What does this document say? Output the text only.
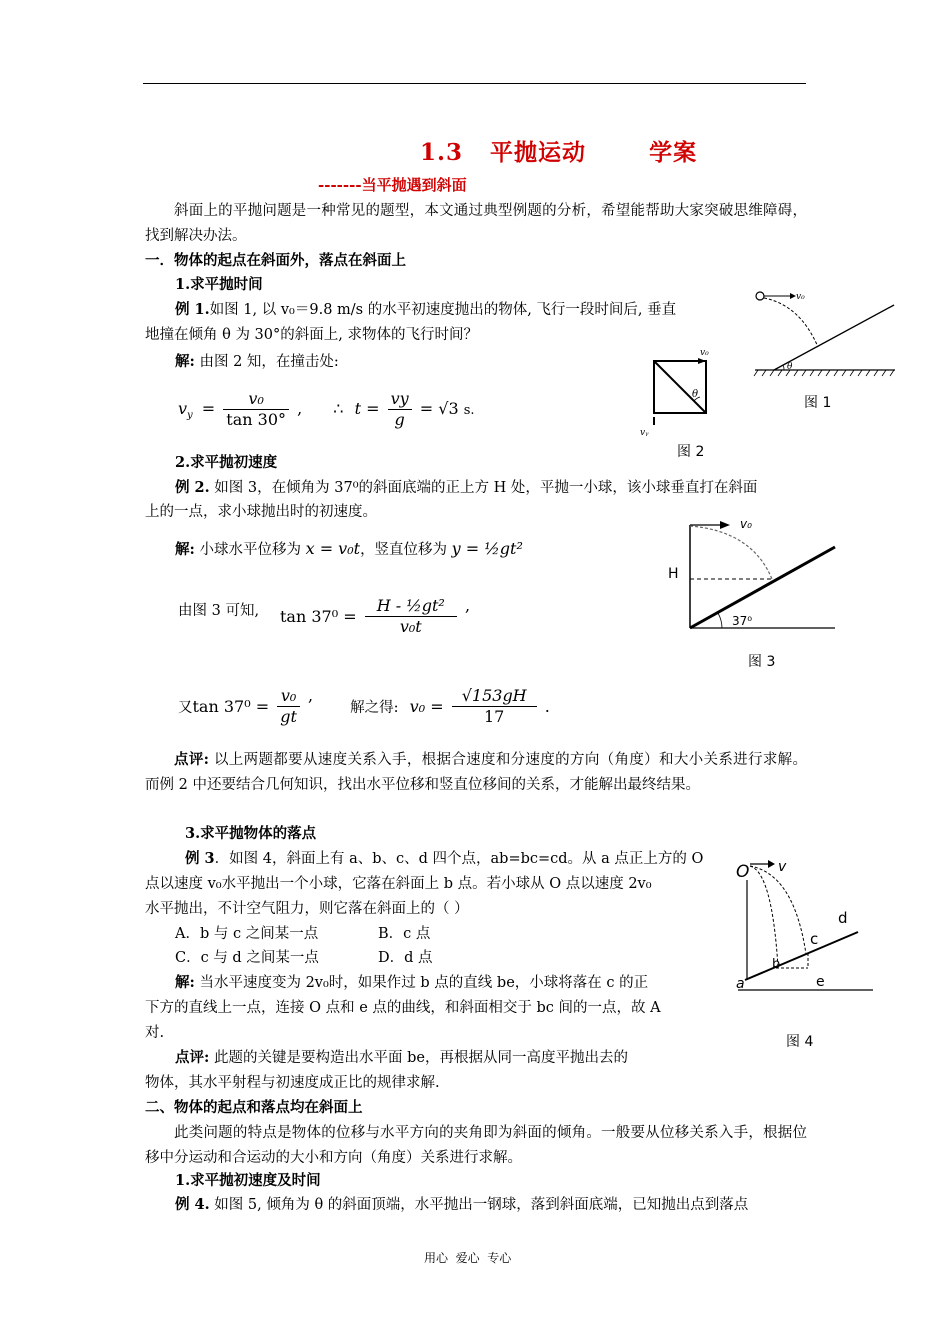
1.3   平抛运动       学案
-------当平抛遇到斜面
斜面上的平抛问题是一种常见的题型，本文通过典型例题的分析，希望能帮助大家突破思维障碍，找到解决办法。
一．物体的起点在斜面外，落点在斜面上
1.求平抛时间
例 1.如图 1, 以 v₀＝9.8 m/s 的水平初速度抛出的物体, 飞行一段时间后, 垂直
地撞在倾角 θ 为 30°的斜面上, 求物体的飞行时间？
解: 由图 2 知，在撞击处:
$v_y = \frac{\text{v₀}}{\tan 30^\circ}$ , ∴ $t = \frac{vy}{g} = √3$ s.
v₀
θ
图 1
θ
v₀
vᵧ
图 2
2.求平抛初速度
例 2. 如图 3，在倾角为 37⁰的斜面底端的正上方 H 处，平抛一小球，该小球垂直打在斜面
上的一点，求小球抛出时的初速度。
解: 小球水平位移为 x = v₀t，竖直位移为 y = ½gt²
由图 3 可知, $\tan 37^0 = \frac{\text{H - ½gt²}}{\text{v₀t}}$ ,
v₀
H
37⁰
图 3
又$\tan 37^0 = \frac{\text{v₀}}{gt}$ , 解之得: $v_0 = \frac{√153gH}{17}$ .
点评: 以上两题都要从速度关系入手，根据合速度和分速度的方向（角度）和大小关系进行求解。而例 2 中还要结合几何知识，找出水平位移和竖直位移间的关系，才能解出最终结果。
3.求平抛物体的落点
例 3．如图 4，斜面上有 a、b、c、d 四个点，ab=bc=cd。从 a 点正上方的 O
点以速度 v₀水平抛出一个小球，它落在斜面上 b 点。若小球从 O 点以速度 2v₀
水平抛出，不计空气阻力，则它落在斜面上的（ ）
A．b 与 c 之间某一点	B．c 点
C．c 与 d 之间某一点	D．d 点
解: 当水平速度变为 2v₀时，如果作过 b 点的直线 be，小球将落在 c 的正
下方的直线上一点，连接 O 点和 e 点的曲线，和斜面相交于 bc 间的一点，故 A
对.
点评: 此题的关键是要构造出水平面 be，再根据从同一高度平抛出去的
物体，其水平射程与初速度成正比的规律求解.
O v
a
b
c
d
e
图 4
二、物体的起点和落点均在斜面上
此类问题的特点是物体的位移与水平方向的夹角即为斜面的倾角。一般要从位移关系入手，根据位移中分运动和合运动的大小和方向（角度）关系进行求解。
1.求平抛初速度及时间
例 4. 如图 5, 倾角为 θ 的斜面顶端，水平抛出一钢球，落到斜面底端，已知抛出点到落点
用心  爱心  专心
